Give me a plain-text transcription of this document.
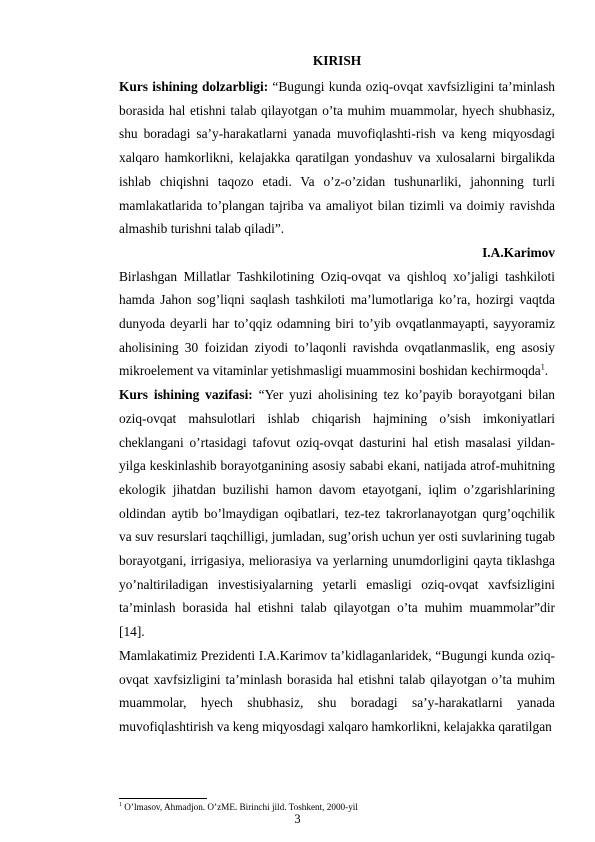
KIRISH

Kurs ishining dolzarbligi: “Bugungi kunda oziq-ovqat xavfsizligini ta’minlash borasida hal etishni talab qilayotgan o’ta muhim muammolar, hyech shubhasiz, shu boradagi sa’y-harakatlarni yanada muvofiqlashti-rish va keng miqyosdagi xalqaro hamkorlikni, kelajakka qaratilgan yondashuv va xulosalarni birgalikda ishlab chiqishni taqozo etadi. Va o’z-o’zidan tushunarliki, jahonning turli mamlakatlarida to’plangan tajriba va amaliyot bilan tizimli va doimiy ravishda almashib turishni talab qiladi”.

I.A.Karimov

Birlashgan Millatlar Tashkilotining Oziq-ovqat va qishloq xo’jaligi tashkiloti hamda Jahon sog’liqni saqlash tashkiloti ma’lumotlariga ko’ra, hozirgi vaqtda dunyoda deyarli har to’qqiz odamning biri to’yib ovqatlanmayapti, sayyoramiz aholisining 30 foizidan ziyodi to’laqonli ravishda ovqatlanmaslik, eng asosiy mikroelement va vitaminlar yetishmasligi muammosini boshidan kechirmoqda$^1$.

Kurs ishining vazifasi: “Yer yuzi aholisining tez ko’payib borayotgani bilan oziq-ovqat mahsulotlari ishlab chiqarish hajmining o’sish imkoniyatlari cheklangani o’rtasidagi tafovut oziq-ovqat dasturini hal etish masalasi yildan-yilga keskinlashib borayotganining asosiy sababi ekani, natijada atrof-muhitning ekologik jihatdan buzilishi hamon davom etayotgani, iqlim o’zgarishlarining oldindan aytib bo’lmaydigan oqibatlari, tez-tez takrorlanayotgan qurg’oqchilik va suv resurslari taqchilligi, jumladan, sug’orish uchun yer osti suvlarining tugab borayotgani, irrigasiya, meliorasiya va yerlarning unumdorligini qayta tiklashga yo’naltiriladigan investisiyalarning yetarli emasligi oziq-ovqat xavfsizligini ta’minlash borasida hal etishni talab qilayotgan o’ta muhim muammolar”dir [14].

Mamlakatimiz Prezidenti I.A.Karimov ta’kidlaganlaridek, “Bugungi kunda oziq-ovqat xavfsizligini ta’minlash borasida hal etishni talab qilayotgan o’ta muhim muammolar, hyech shubhasiz, shu boradagi sa’y-harakatlarni yanada muvofiqlashtirish va keng miqyosdagi xalqaro hamkorlikni, kelajakka qaratilgan

$^1$ O’lmasov, Ahmadjon. O’zME. Birinchi jild. Toshkent, 2000-yil
3
